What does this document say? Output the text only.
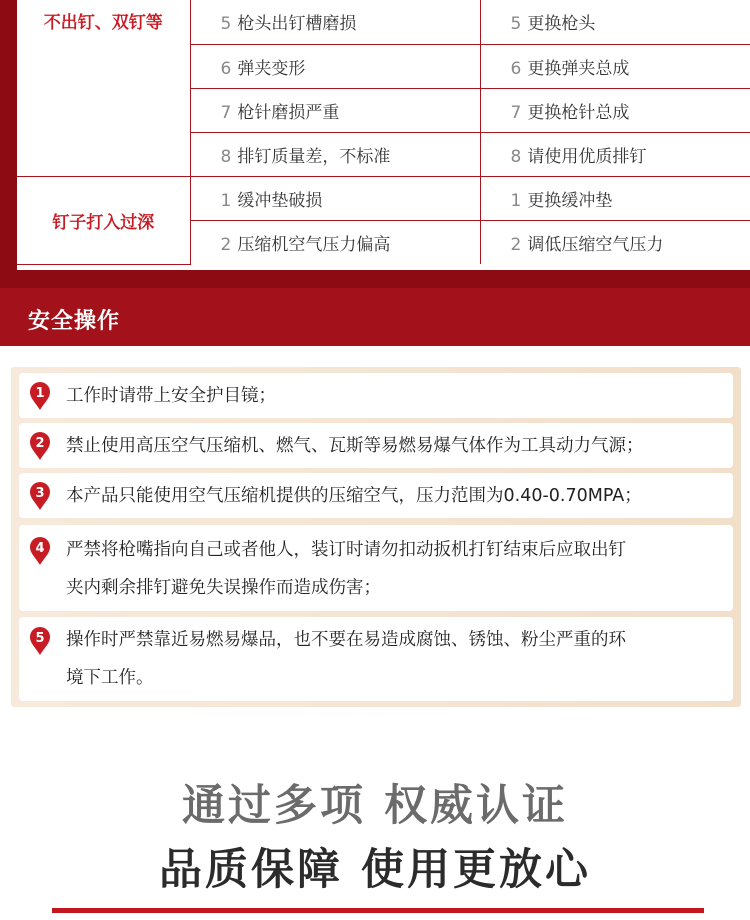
不出钉、双钉等	5 枪头出钉槽磨损	5 更换枪头
	6 弹夹变形	6 更换弹夹总成
	7 枪针磨损严重	7 更换枪针总成
	8 排钉质量差，不标准	8 请使用优质排钉
钉子打入过深	1 缓冲垫破损	1 更换缓冲垫
	2 压缩机空气压力偏高	2 调低压缩空气压力
安全操作
1 工作时请带上安全护目镜；
2 禁止使用高压空气压缩机、燃气、瓦斯等易燃易爆气体作为工具动力气源；
3 本产品只能使用空气压缩机提供的压缩空气，压力范围为0.40-0.70MPA；
4 严禁将枪嘴指向自己或者他人，装订时请勿扣动扳机打钉结束后应取出钉
夹内剩余排钉避免失误操作而造成伤害；
5 操作时严禁靠近易燃易爆品，也不要在易造成腐蚀、锈蚀、粉尘严重的环
境下工作。
通过多项 权威认证
品质保障 使用更放心
